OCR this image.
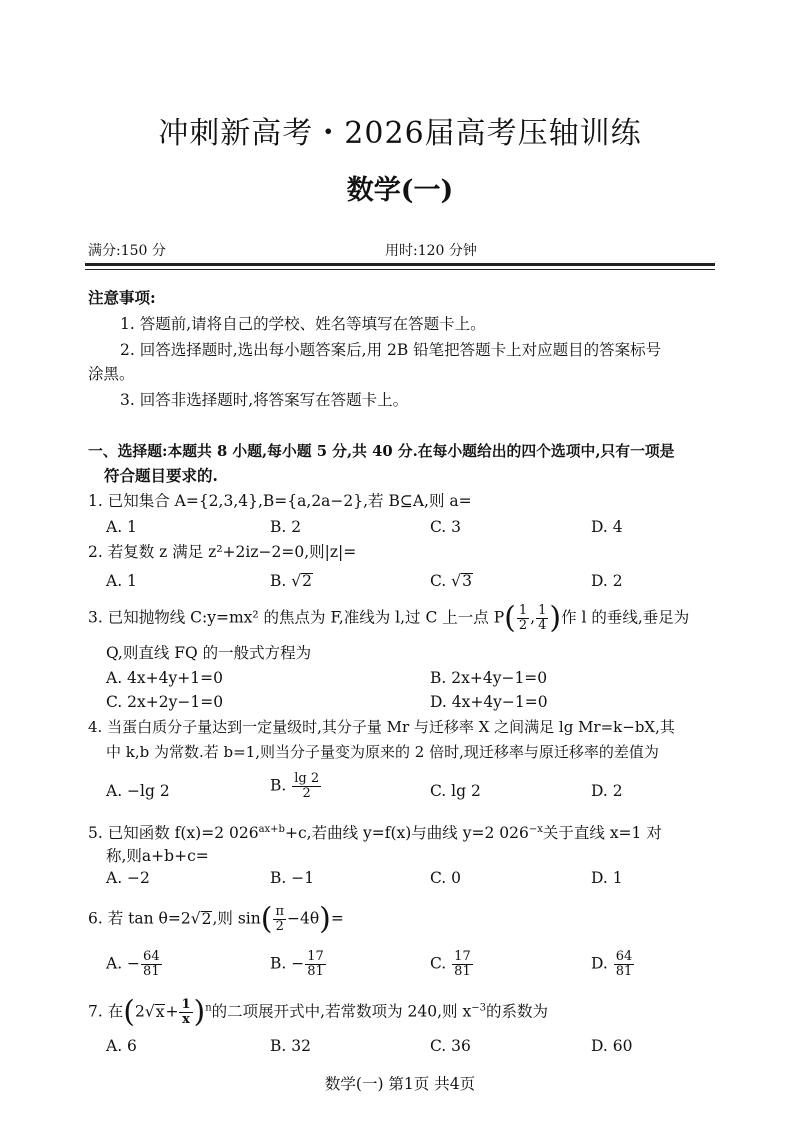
冲刺新高考・2026届高考压轴训练
数学(一)
满分:150 分	用时:120 分钟
注意事项:
1. 答题前,请将自己的学校、姓名等填写在答题卡上。
2. 回答选择题时,选出每小题答案后,用 2B 铅笔把答题卡上对应题目的答案标号
涂黑。
3. 回答非选择题时,将答案写在答题卡上。
一、选择题:本题共 8 小题,每小题 5 分,共 40 分.在每小题给出的四个选项中,只有一项是
符合题目要求的.
1. 已知集合 A={2,3,4},B={a,2a−2},若 B⊆A,则 a=
A. 1	B. 2	C. 3	D. 4
2. 若复数 z 满足 z²+2iz−2=0,则|z|=
A. 1	B. √2	C. √3	D. 2
3. 已知抛物线 C:y=mx² 的焦点为 F,准线为 l,过 C 上一点 $P( \frac{1}{2}$ , $\frac{1}{4}$ )作 l 的垂线,垂足为
Q,则直线 FQ 的一般式方程为
A. 4x+4y+1=0	B. 2x+4y−1=0
C. 2x+2y−1=0	D. 4x+4y−1=0
4. 当蛋白质分子量达到一定量级时,其分子量 Mr 与迁移率 X 之间满足 lg Mr=k−bX,其
中 k,b 为常数.若 b=1,则当分子量变为原来的 2 倍时,现迁移率与原迁移率的差值为
A. −lg 2	B. $\frac{\lg 2}{2}$	C. lg 2	D. 2
5. 已知函数 f(x)=2 $026^{ax+b}+c$,若曲线 y=f(x)与曲线 y=2 $026^{-x}$关于直线 x=1 对
称,则a+b+c=
A. −2	B. −1	C. 0	D. 1
6. 若 tan θ=2√2,则 $\sin( \frac{\pi}{2} -4\theta)=$
A. − $\frac{64}{81}$	B. − $\frac{17}{81}$	C. $\frac{17}{81}$	D. $\frac{64}{81}$
7. 在$(2√x+ \frac{1}{x} )^n$的二项展开式中,若常数项为 240,则 $x^{-3}$的系数为
A. 6	B. 32	C. 36	D. 60
数学(一) 第1页 共4页
